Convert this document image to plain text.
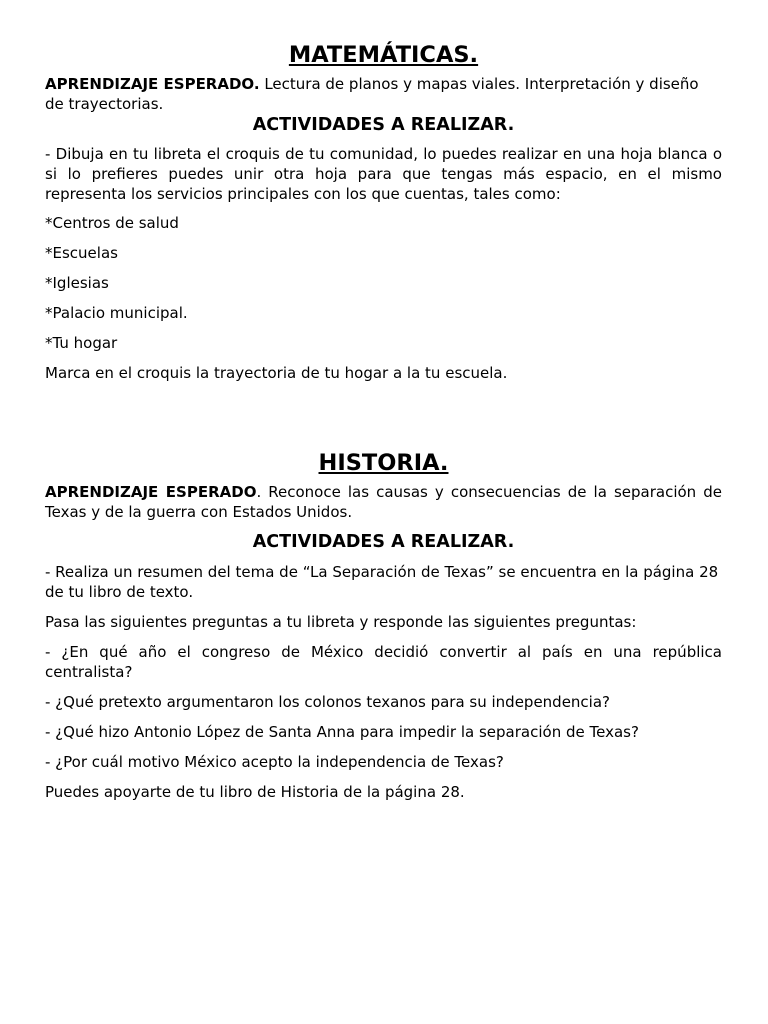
MATEMÁTICAS.

APRENDIZAJE ESPERADO. Lectura de planos y mapas viales. Interpretación y diseño de trayectorias.

ACTIVIDADES A REALIZAR.

- Dibuja en tu libreta el croquis de tu comunidad, lo puedes realizar en una hoja blanca o si lo prefieres puedes unir otra hoja para que tengas más espacio, en el mismo representa los servicios principales con los que cuentas, tales como:

*Centros de salud
*Escuelas
*Iglesias
*Palacio municipal.
*Tu hogar

Marca en el croquis la trayectoria de tu hogar a la tu escuela.

HISTORIA.

APRENDIZAJE ESPERADO. Reconoce las causas y consecuencias de la separación de Texas y de la guerra con Estados Unidos.

ACTIVIDADES A REALIZAR.

- Realiza un resumen del tema de “La Separación de Texas” se encuentra en la página 28 de tu libro de texto.

Pasa las siguientes preguntas a tu libreta y responde las siguientes preguntas:

- ¿En qué año el congreso de México decidió convertir al país en una república centralista?

- ¿Qué pretexto argumentaron los colonos texanos para su independencia?

- ¿Qué hizo Antonio López de Santa Anna para impedir la separación de Texas?

- ¿Por cuál motivo México acepto la independencia de Texas?

Puedes apoyarte de tu libro de Historia de la página 28.
